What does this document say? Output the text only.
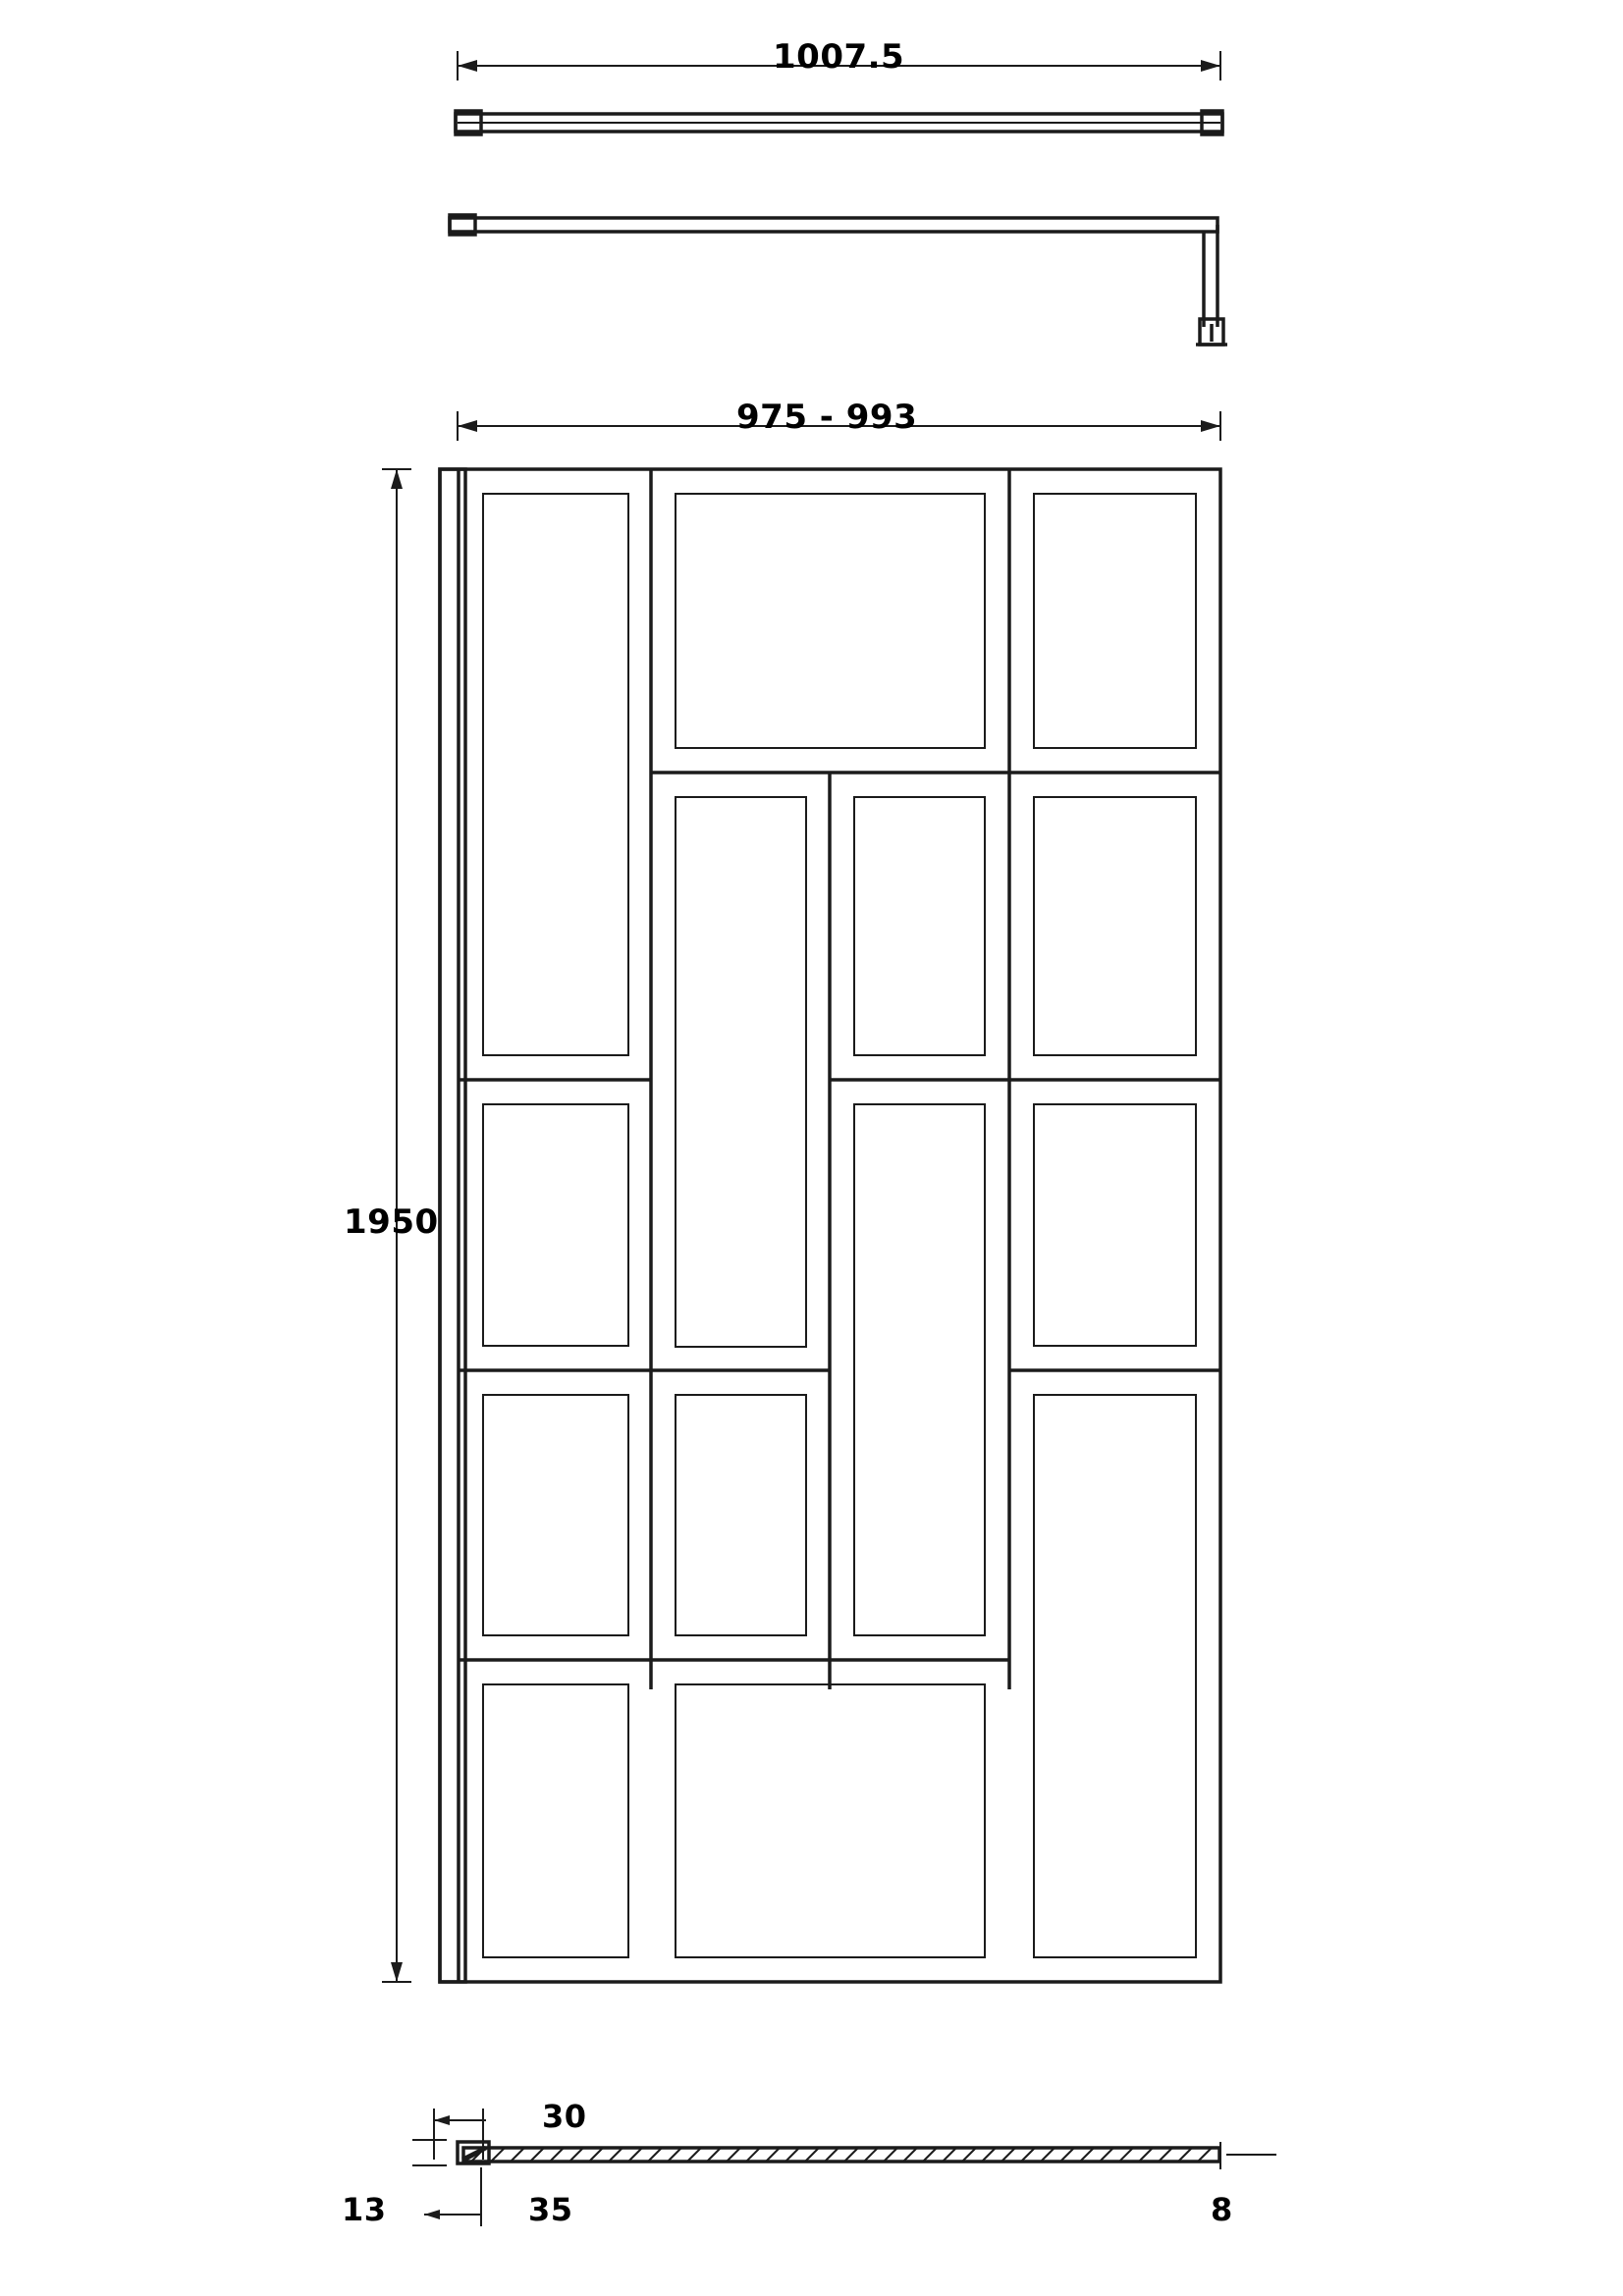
1007.5
975 - 993
1950
30
35
13	8
